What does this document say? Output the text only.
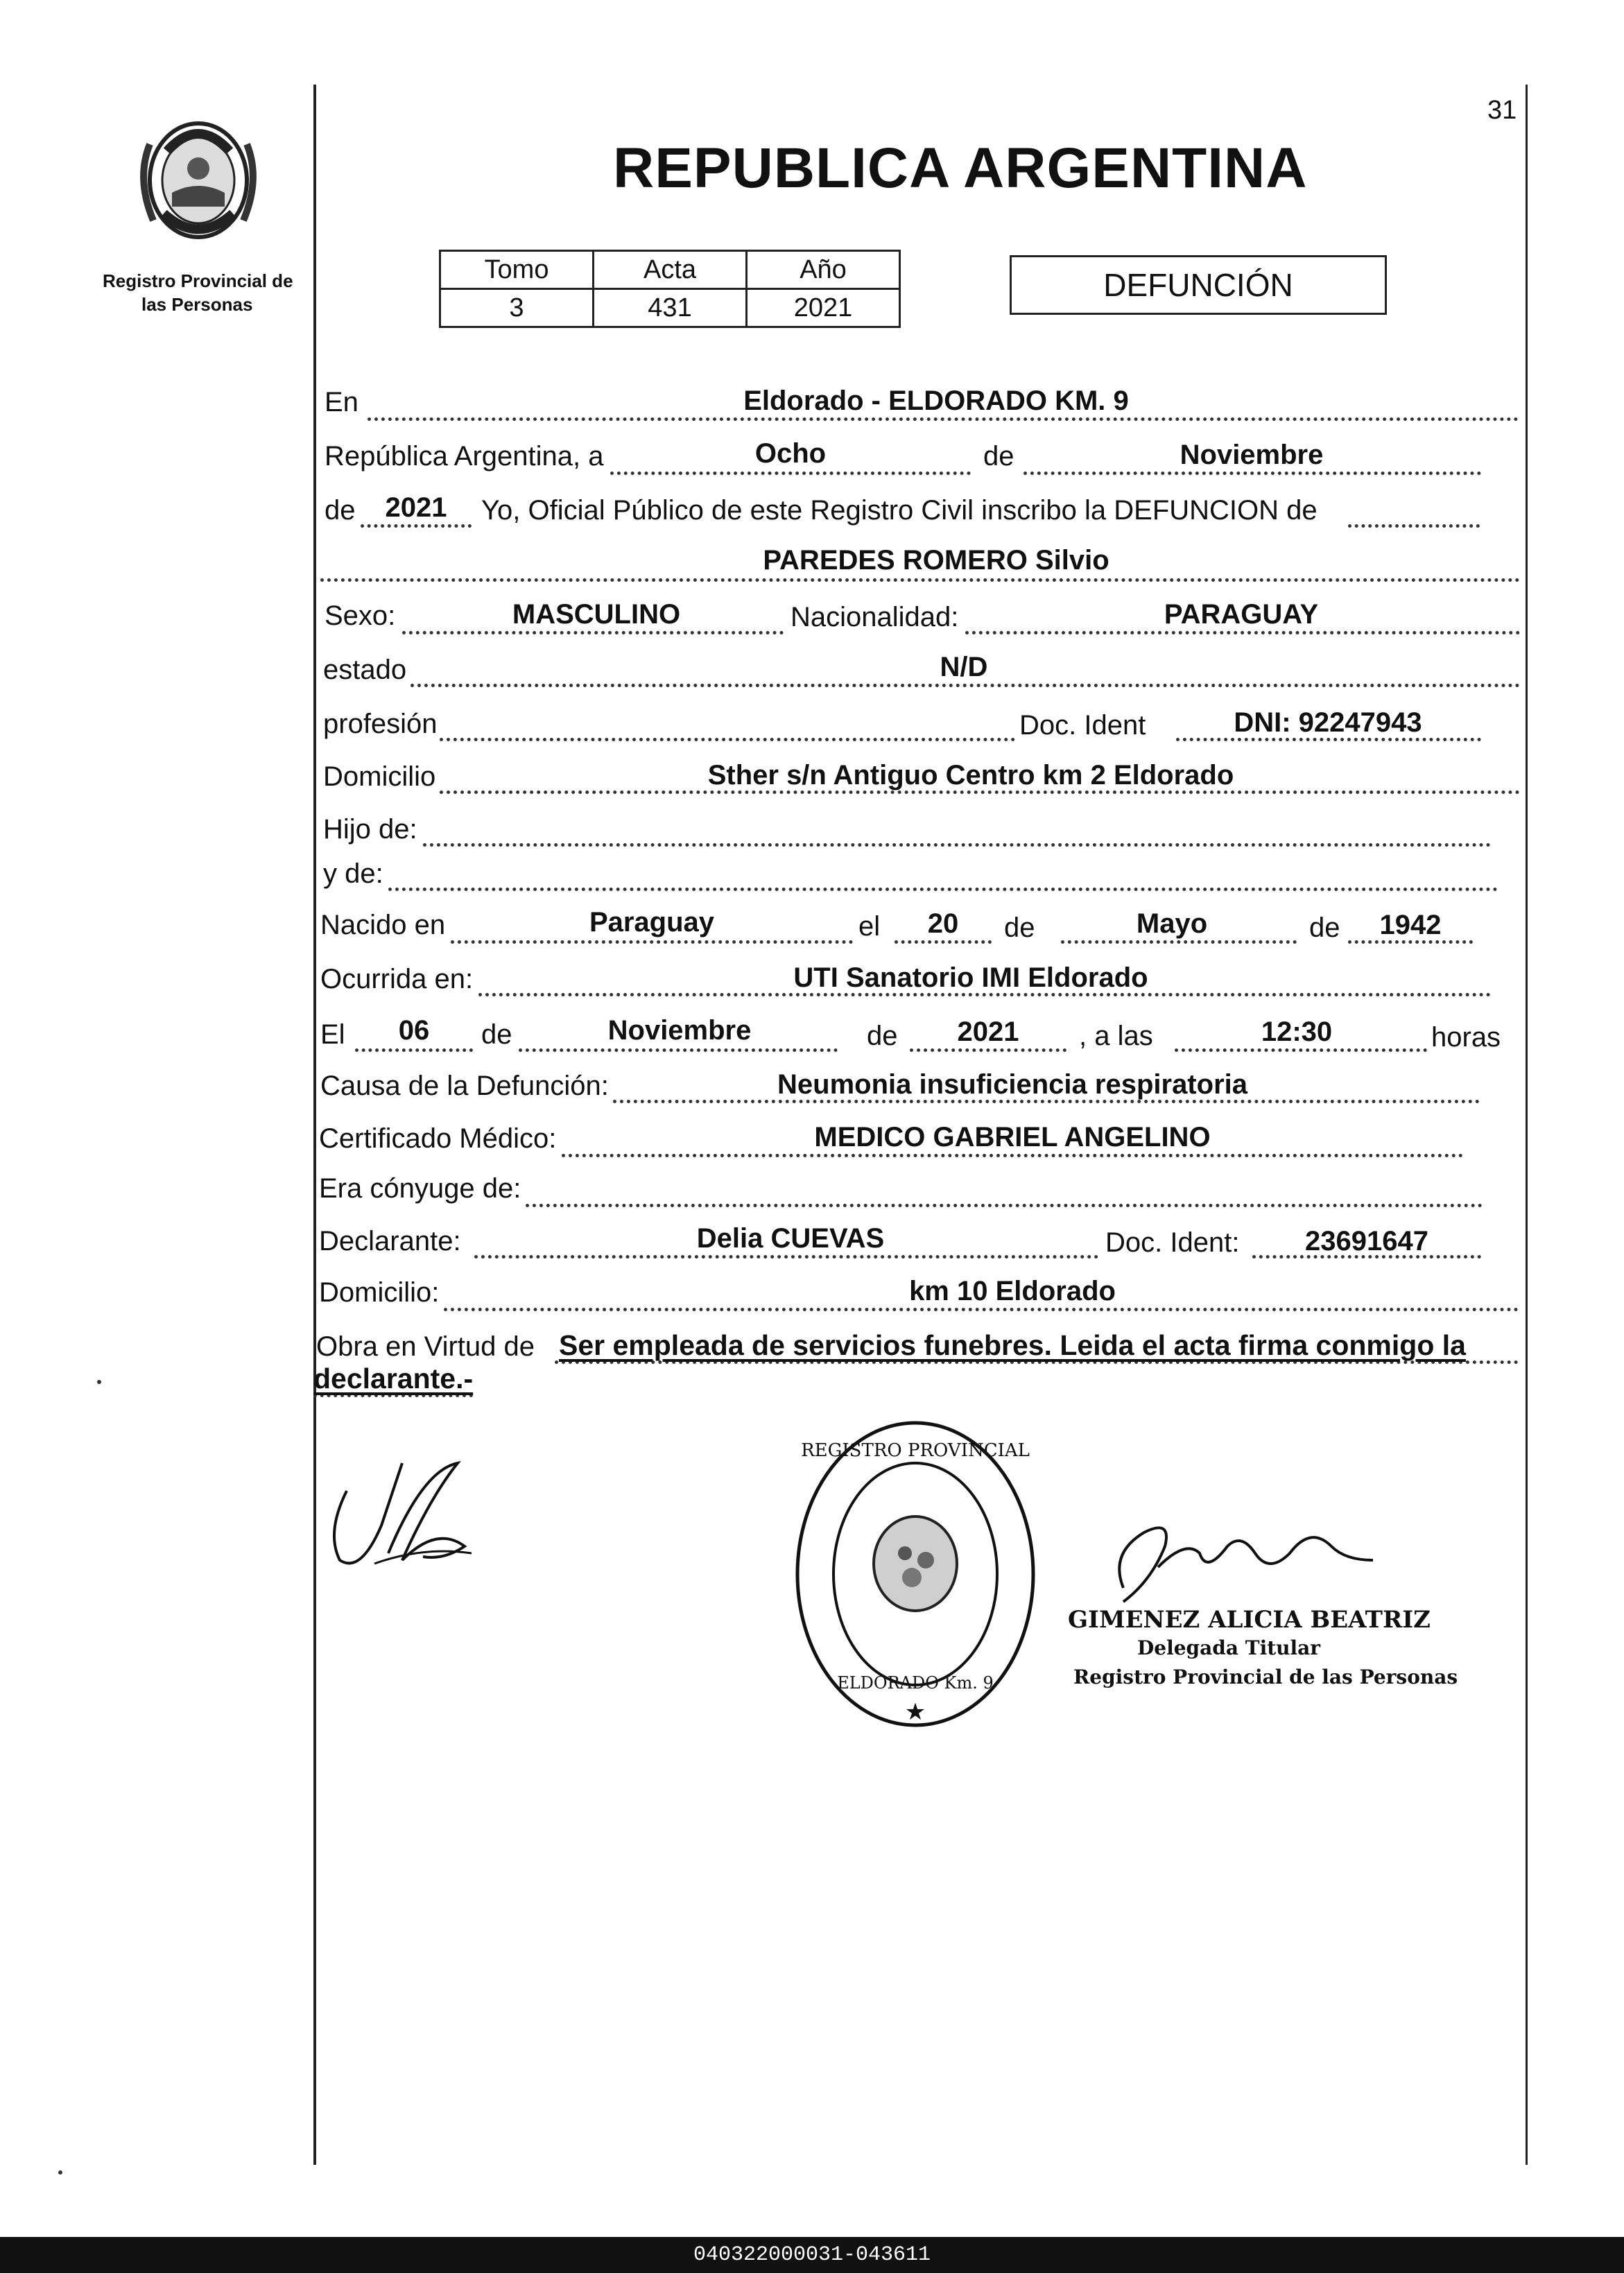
31
Registro Provincial de
las Personas
REPUBLICA ARGENTINA
Tomo	Acta	Año
3	431	2021
DEFUNCIÓN
En	Eldorado - ELDORADO KM. 9
República Argentina, a	Ocho	de	Noviembre
de	2021	Yo, Oficial Público de este Registro Civil inscribo la DEFUNCION de
PAREDES ROMERO Silvio
Sexo:	MASCULINO	Nacionalidad:	PARAGUAY
estado	N/D
profesión	Doc. Ident	DNI: 92247943
Domicilio	Sther s/n Antiguo Centro km 2 Eldorado
Hijo de:
y de:
Nacido en	Paraguay	el	20	de	Mayo	de	1942
Ocurrida en:	UTI Sanatorio IMI Eldorado
El	06	de	Noviembre	de	2021	, a las	12:30	horas
Causa de la Defunción:	Neumonia insuficiencia respiratoria
Certificado Médico:	MEDICO GABRIEL ANGELINO
Era cónyuge de:
Declarante:	Delia CUEVAS	Doc. Ident:	23691647
Domicilio:	km 10 Eldorado
Obra en Virtud de Ser empleada de servicios funebres. Leida el acta firma conmigo la
declarante.-
REGISTRO PROVINCIAL
ELDORADO Km. 9
★
GIMENEZ ALICIA BEATRIZ
Delegada Titular
Registro Provincial de las Personas
040322000031-043611
